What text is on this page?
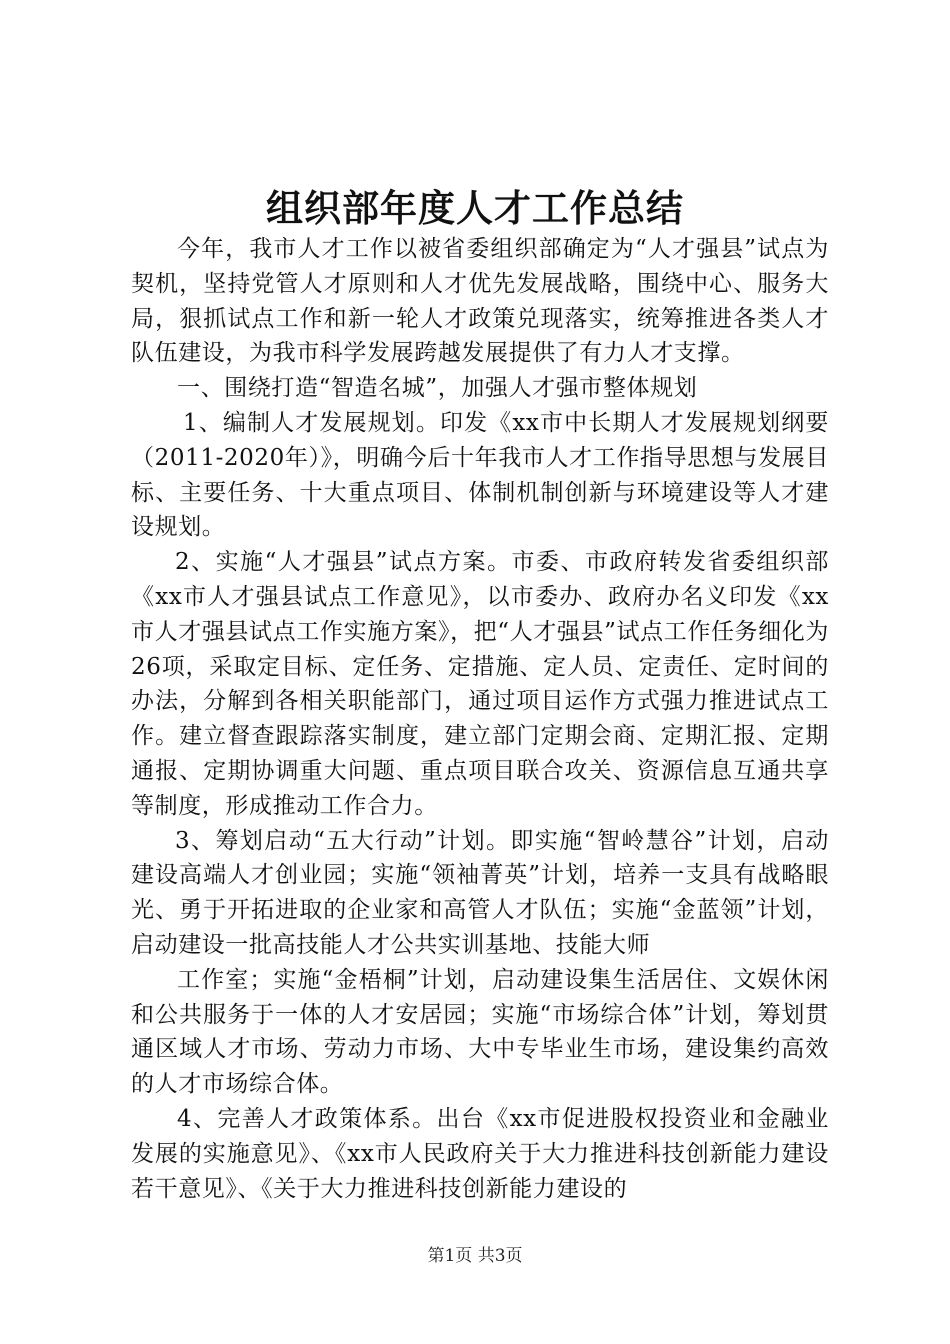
组织部年度人才工作总结

今年，我市人才工作以被省委组织部确定为“人才强县”试点为契机，坚持党管人才原则和人才优先发展战略，围绕中心、服务大局，狠抓试点工作和新一轮人才政策兑现落实，统筹推进各类人才队伍建设，为我市科学发展跨越发展提供了有力人才支撑。

一、围绕打造“智造名城”，加强人才强市整体规划

1、编制人才发展规划。印发《xx市中长期人才发展规划纲要（2011-2020年）》，明确今后十年我市人才工作指导思想与发展目标、主要任务、十大重点项目、体制机制创新与环境建设等人才建设规划。

2、实施“人才强县”试点方案。市委、市政府转发省委组织部《xx市人才强县试点工作意见》，以市委办、政府办名义印发《xx市人才强县试点工作实施方案》，把“人才强县”试点工作任务细化为26项，采取定目标、定任务、定措施、定人员、定责任、定时间的办法，分解到各相关职能部门，通过项目运作方式强力推进试点工作。建立督查跟踪落实制度，建立部门定期会商、定期汇报、定期通报、定期协调重大问题、重点项目联合攻关、资源信息互通共享等制度，形成推动工作合力。

3、筹划启动“五大行动”计划。即实施“智岭慧谷”计划，启动建设高端人才创业园；实施“领袖菁英”计划，培养一支具有战略眼光、勇于开拓进取的企业家和高管人才队伍；实施“金蓝领”计划，启动建设一批高技能人才公共实训基地、技能大师

工作室；实施“金梧桐”计划，启动建设集生活居住、文娱休闲和公共服务于一体的人才安居园；实施“市场综合体”计划，筹划贯通区域人才市场、劳动力市场、大中专毕业生市场，建设集约高效的人才市场综合体。

4、完善人才政策体系。出台《xx市促进股权投资业和金融业发展的实施意见》、《xx市人民政府关于大力推进科技创新能力建设若干意见》、《关于大力推进科技创新能力建设的

第1页 共3页
